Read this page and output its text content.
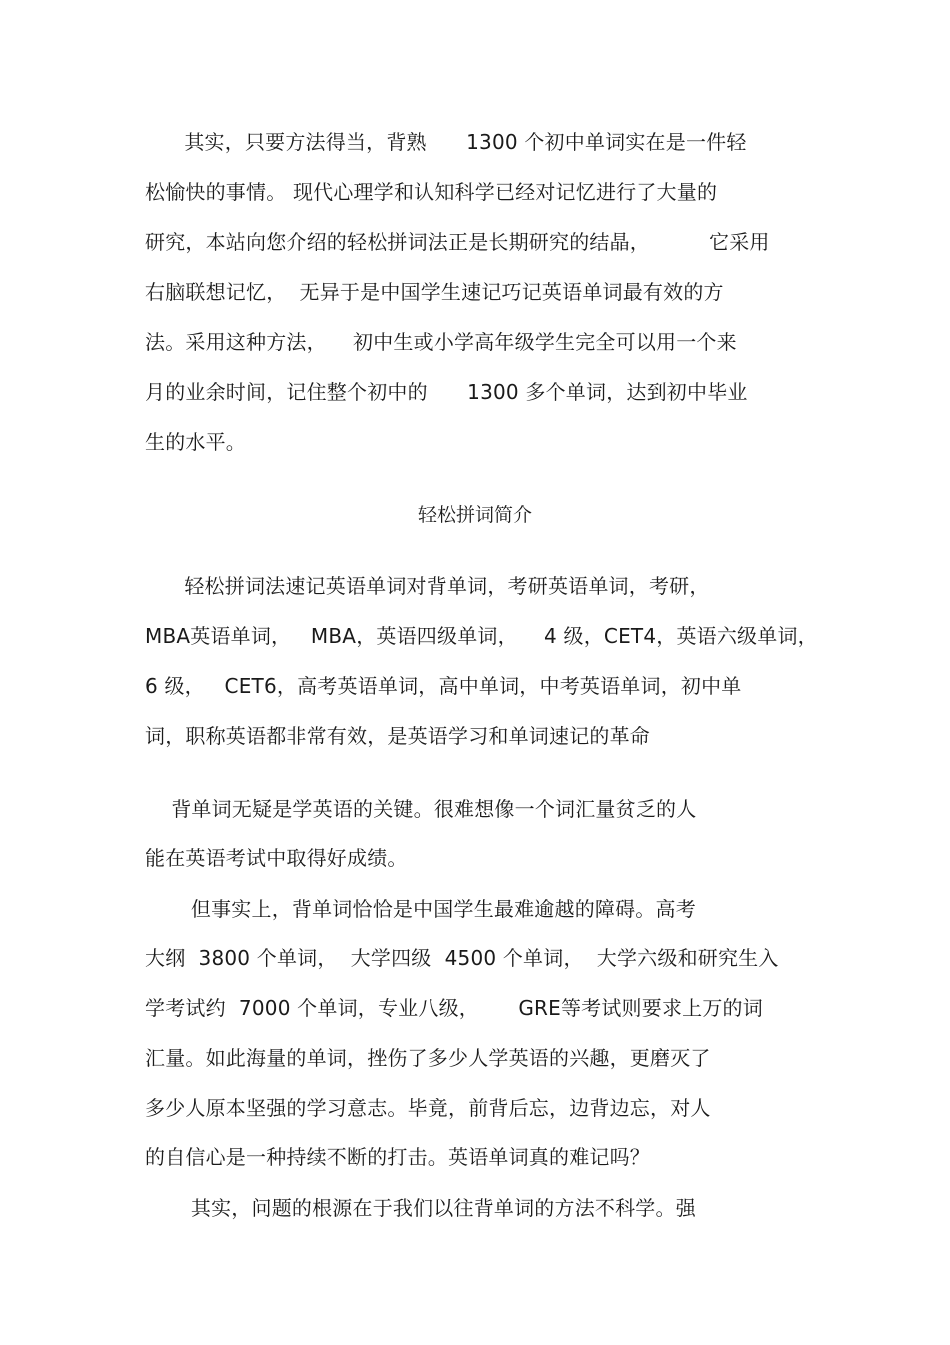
其实，只要方法得当，背熟      1300 个初中单词实在是一件轻
松愉快的事情。 现代心理学和认知科学已经对记忆进行了大量的
研究，本站向您介绍的轻松拼词法正是长期研究的结晶，         它采用
右脑联想记忆，  无异于是中国学生速记巧记英语单词最有效的方
法。采用这种方法，    初中生或小学高年级学生完全可以用一个来
月的业余时间，记住整个初中的      1300 多个单词，达到初中毕业
生的水平。
轻松拼词简介
轻松拼词法速记英语单词对背单词，考研英语单词，考研，
MBA英语单词，   MBA，英语四级单词，    4 级，CET4，英语六级单词，
6 级，   CET6，高考英语单词，高中单词，中考英语单词，初中单
词，职称英语都非常有效，是英语学习和单词速记的革命
背单词无疑是学英语的关键。很难想像一个词汇量贫乏的人
能在英语考试中取得好成绩。
但事实上，背单词恰恰是中国学生最难逾越的障碍。高考
大纲  3800 个单词，  大学四级  4500 个单词，  大学六级和研究生入
学考试约  7000 个单词，专业八级，      GRE等考试则要求上万的词
汇量。如此海量的单词，挫伤了多少人学英语的兴趣，更磨灭了
多少人原本坚强的学习意志。毕竟，前背后忘，边背边忘，对人
的自信心是一种持续不断的打击。英语单词真的难记吗？
其实，问题的根源在于我们以往背单词的方法不科学。强
